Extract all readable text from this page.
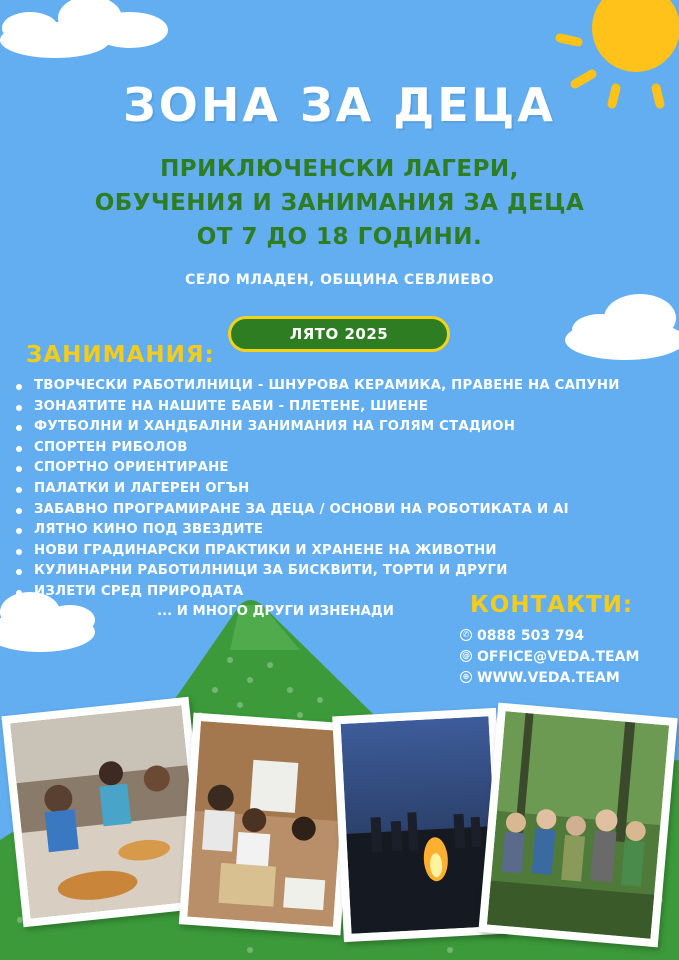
ЗОНА ЗА ДЕЦА
ПРИКЛЮЧЕНСКИ ЛАГЕРИ,
ОБУЧЕНИЯ И ЗАНИМАНИЯ ЗА ДЕЦА
ОТ 7 ДО 18 ГОДИНИ.
СЕЛО МЛАДЕН, ОБЩИНА СЕВЛИЕВО
ЛЯТО 2025
ЗАНИМАНИЯ:
ТВОРЧЕСКИ РАБОТИЛНИЦИ - ШНУРОВА КЕРАМИКА, ПРАВЕНЕ НА САПУНИ
ЗОНАЯТИТЕ НА НАШИТЕ БАБИ - ПЛЕТЕНЕ, ШИЕНЕ
ФУТБОЛНИ И ХАНДБАЛНИ ЗАНИМАНИЯ НА ГОЛЯМ СТАДИОН
СПОРТЕН РИБОЛОВ
СПОРТНО ОРИЕНТИРАНЕ
ПАЛАТКИ И ЛАГЕРЕН ОГЪН
ЗАБАВНО ПРОГРАМИРАНЕ ЗА ДЕЦА / ОСНОВИ НА РОБОТИКАТА И AI
ЛЯТНО КИНО ПОД ЗВЕЗДИТЕ
НОВИ ГРАДИНАРСКИ ПРАКТИКИ И ХРАНЕНЕ НА ЖИВОТНИ
КУЛИНАРНИ РАБОТИЛНИЦИ ЗА БИСКВИТИ, ТОРТИ И ДРУГИ
ИЗЛЕТИ СРЕД ПРИРОДАТА
... И МНОГО ДРУГИ ИЗНЕНАДИ	КОНТАКТИ:
✆ 0888 503 794
@ OFFICE@VEDA.TEAM
⊕ WWW.VEDA.TEAM
